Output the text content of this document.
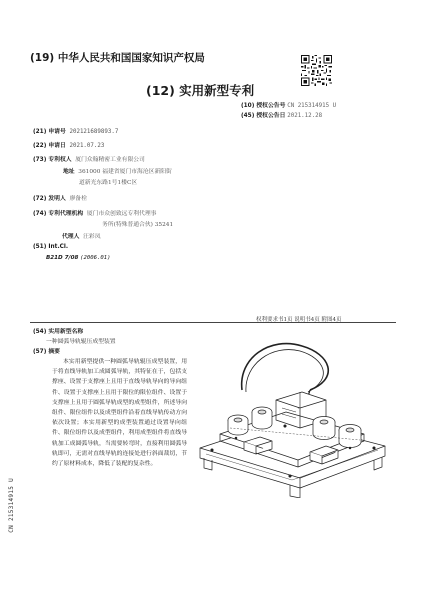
(19) 中华人民共和国国家知识产权局
(12) 实用新型专利
(10) 授权公告号 CN 215314915 U
(45) 授权公告日 2021.12.28
(21) 申请号 202121689893.7
(22) 申请日 2021.07.23
(73) 专利权人 厦门众翰精密工业有限公司
地址 361000 福建省厦门市海沧区新阳街
道新光东路1号1楼C区
(72) 发明人 廖备栓
(74) 专利代理机构 厦门市众创致远专利代理事
务所(特殊普通合伙) 35241
代理人 汪彩凤
(51) Int.Cl.
B21D 7/08 (2006.01)
权利要求书1页 说明书4页 附图4页
(54) 实用新型名称
一种圆弧导轨辊压成型装置
(57) 摘要
本实用新型提供一种圆弧导轨辊压成型装置，用于将直线导轨加工成圆弧导轨，其特征在于，包括支撑座、设置于支撑座上且用于直线导轨导向的导向组件、设置于支撑座上且用于限位的限位组件、设置于支撑座上且用于圆弧导轨成型的成型组件，所述导向组件、限位组件以及成型组件沿着直线导轨传动方向依次设置；本实用新型的成型装置通过设置导向组件、限位组件以及成型组件，利用成型组件将直线导轨加工成圆弧导轨，当需要转弯时，直接利用圆弧导轨即可，无需对直线导轨的连接处进行斜面裁切，节约了原材料成本，降低了装配的复杂性。
CN 215314915 U
